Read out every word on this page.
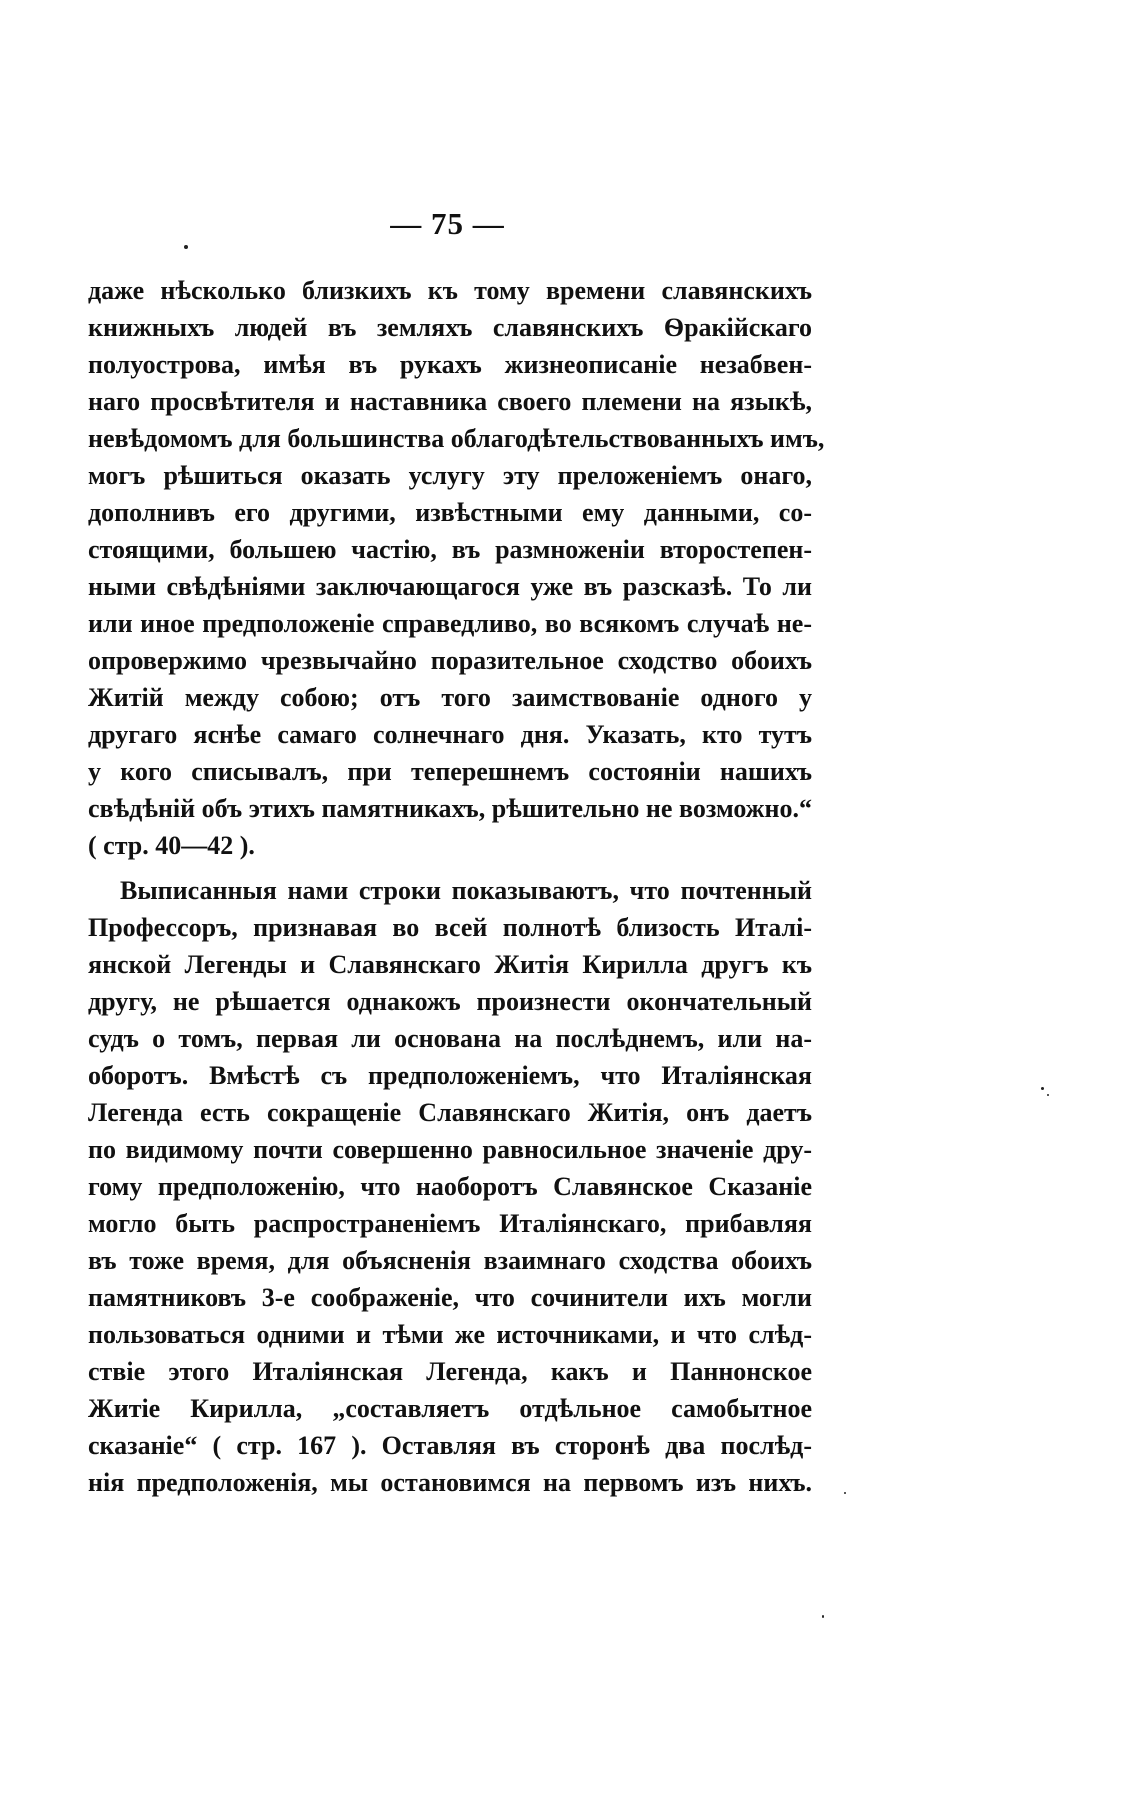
— 75 —
даже нѣсколько близкихъ къ тому времени славянскихъ
книжныхъ людей въ земляхъ славянскихъ Ѳракійскаго
полуострова, имѣя въ рукахъ жизнеописаніе незабвен-
наго просвѣтителя и наставника своего племени на языкѣ,
невѣдомомъ для большинства облагодѣтельствованныхъ имъ,
могъ рѣшиться оказать услугу эту преложеніемъ онаго,
дополнивъ его другими, извѣстными ему данными, со-
стоящими, большею частію, въ размноженіи второстепен-
ными свѣдѣніями заключающагося уже въ разсказѣ. То ли
или иное предположеніе справедливо, во всякомъ случаѣ не-
опровержимо чрезвычайно поразительное сходство обоихъ
Житій между собою; отъ того заимствованіе одного у
другаго яснѣе самаго солнечнаго дня. Указать, кто тутъ
у кого списывалъ, при теперешнемъ состояніи нашихъ
свѣдѣній объ этихъ памятникахъ, рѣшительно не возможно.“
( стр. 40—42 ).
Выписанныя нами строки показываютъ, что почтенный
Профессоръ, признавая во всей полнотѣ близость Италі-
янской Легенды и Славянскаго Житія Кирилла другъ къ
другу, не рѣшается однакожъ произнести окончательный
судъ о томъ, первая ли основана на послѣднемъ, или на-
оборотъ. Вмѣстѣ съ предположеніемъ, что Италіянская
Легенда есть сокращеніе Славянскаго Житія, онъ даетъ
по видимому почти совершенно равносильное значеніе дру-
гому предположенію, что наоборотъ Славянское Сказаніе
могло быть распространеніемъ Италіянскаго, прибавляя
въ тоже время, для объясненія взаимнаго сходства обоихъ
памятниковъ 3-е соображеніе, что сочинители ихъ могли
пользоваться одними и тѣми же источниками, и что слѣд-
ствіе этого Италіянская Легенда, какъ и Паннонское
Житіе Кирилла, „составляетъ отдѣльное самобытное
сказаніе“ ( стр. 167 ). Оставляя въ сторонѣ два послѣд-
нія предположенія, мы остановимся на первомъ изъ нихъ.
